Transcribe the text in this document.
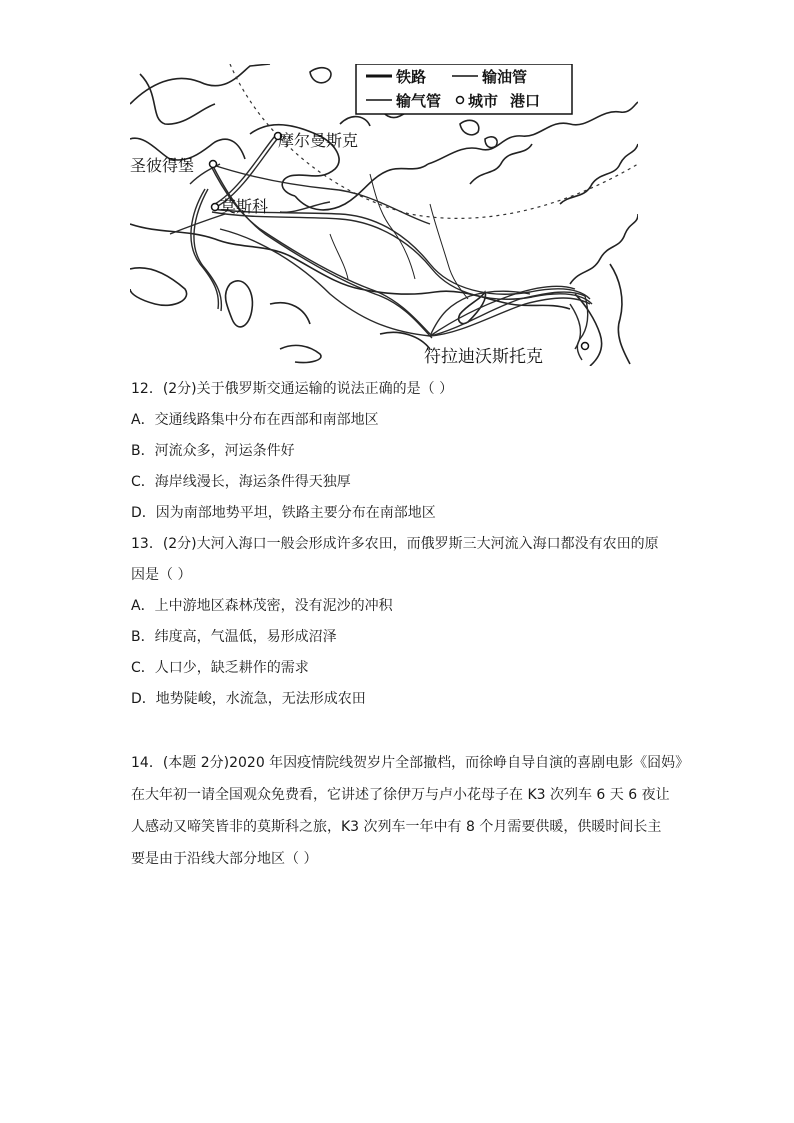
铁路	输油管
输气管 城市 港口
摩尔曼斯克
圣彼得堡
莫斯科
符拉迪沃斯托克
12．(2分)关于俄罗斯交通运输的说法正确的是（ ）
A．交通线路集中分布在西部和南部地区
B．河流众多，河运条件好
C．海岸线漫长，海运条件得天独厚
D．因为南部地势平坦，铁路主要分布在南部地区
13．(2分)大河入海口一般会形成许多农田，而俄罗斯三大河流入海口都没有农田的原
因是（ ）
A．上中游地区森林茂密，没有泥沙的冲积
B．纬度高，气温低，易形成沼泽
C．人口少，缺乏耕作的需求
D．地势陡峻，水流急，无法形成农田
14．(本题 2分)2020 年因疫情院线贺岁片全部撤档，而徐峥自导自演的喜剧电影《囧妈》
在大年初一请全国观众免费看，它讲述了徐伊万与卢小花母子在 K3 次列车 6 天 6 夜让
人感动又啼笑皆非的莫斯科之旅，K3 次列车一年中有 8 个月需要供暖，供暖时间长主
要是由于沿线大部分地区（ ）
